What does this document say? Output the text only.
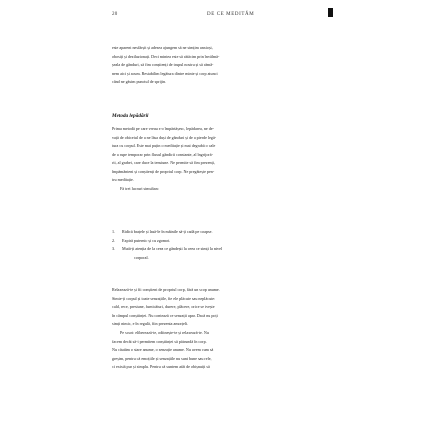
20	DE CE MEDITĂM
este aparent nesfârșit și adesea ajungem să ne simțim anxioși,
obosiți și deziluzionați. Deci mintea este să rătăcim prin învălmă-
șeala de gânduri, să fim conștienți de trupul nostru și să rămâ-
nem aici și acum. Restabilim legătura dintre minte și corp atunci
când ne găsim punctul de sprijin.
Metoda lepădării
Prima metodă pe care vreau s-o împărtășesc, lepădarea, ne de-
vață de obiceiul de a ne lăsa duși de gânduri și de a pierde legă-
tura cu corpul. Este mai puțin o meditație și mai degrabă o cale
de a rupe temporar prin fluxul gândirii constante, al îngrijoră-
rii, al grabei, care duce la tensiune. Ne permite să fim prezenți,
împământeni și conștienți de propriul corp. Ne pregătește pen-
tru meditație.
Fă trei lucruri simultan:
1.	Ridică brațele și lasă-le în mâinile să-ți cadă pe coapse.
2.	Expiră puternic și cu zgomot.
3.	Mută-ți atenția de la ceea ce gândești la ceea ce simți la nivel
corporal.
Relaxează-te și fii conștient de propriul corp, fără un scop anume.
Simte-ți corpul și toate senzațiile, fie ele plăcute sau neplăcute:
cald, rece, presiune, furnicături, durere, plăcere, orice se ivește
în câmpul conștiinței. Nu contează ce senzații apar. Dacă nu poți
simți nimic, e în regulă, fiin prezenta amorțeli.
Pe scurt: eliberează-te, oditnește-te și relaxează-te. Nu
facem decât să-i permitem conștiinței să pătrundă în corp.
Nu căutăm o stare anume, o senzație anume. Nu avem cum să
greșim, pentru că emoțiile și senzațiile nu sunt bune sau rele,
ci există pur și simplu. Pentru că suntem atât de obișnuiți să
